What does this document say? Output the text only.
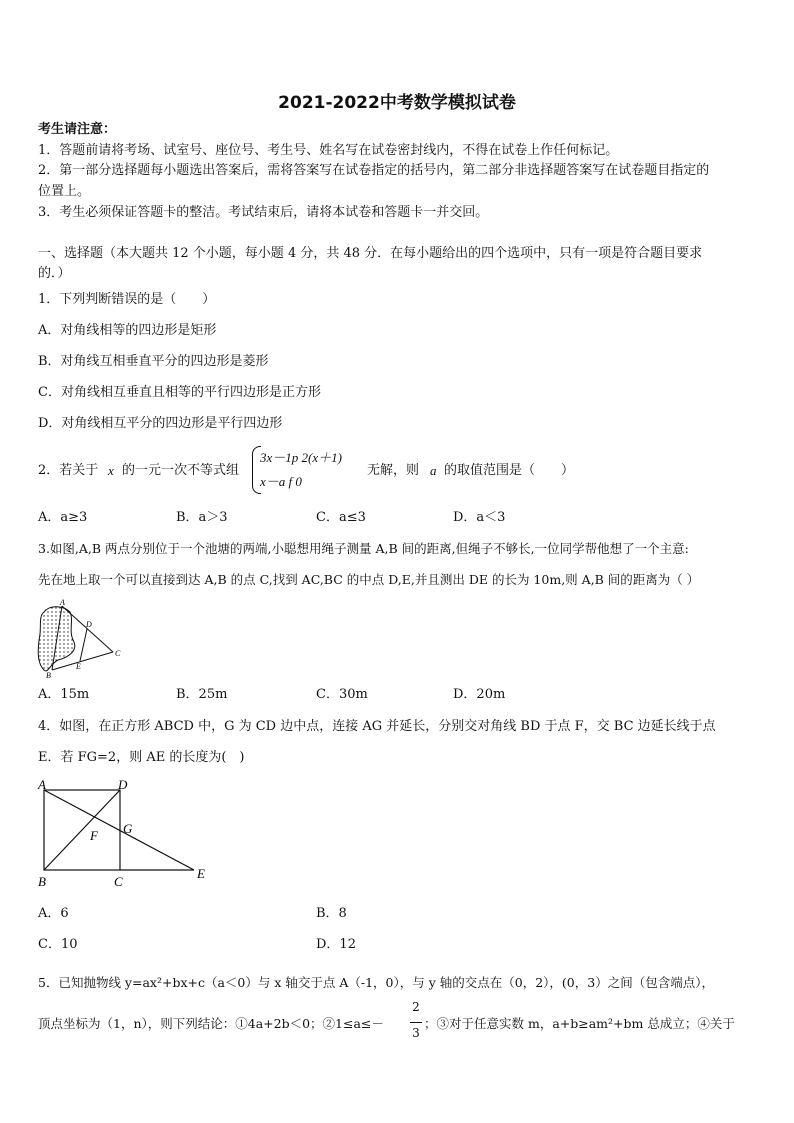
2021-2022中考数学模拟试卷
考生请注意：
1．答题前请将考场、试室号、座位号、考生号、姓名写在试卷密封线内，不得在试卷上作任何标记。
2．第一部分选择题每小题选出答案后，需将答案写在试卷指定的括号内，第二部分非选择题答案写在试卷题目指定的
位置上。
3．考生必须保证答题卡的整洁。考试结束后，请将本试卷和答题卡一并交回。
一、选择题（本大题共 12 个小题，每小题 4 分，共 48 分．在每小题给出的四个选项中，只有一项是符合题目要求
的．）
1．下列判断错误的是（　　）
A．对角线相等的四边形是矩形
B．对角线互相垂直平分的四边形是菱形
C．对角线相互垂直且相等的平行四边形是正方形
D．对角线相互平分的四边形是平行四边形
2．若关于 x 的一元一次不等式组
3x－1p 2(x＋1)
x－a f 0
无解，则 a 的取值范围是（　　）
A．a≥3	B．a＞3	C．a≤3	D．a＜3
3.如图,A,B 两点分别位于一个池塘的两端,小聪想用绳子测量 A,B 间的距离,但绳子不够长,一位同学帮他想了一个主意:
先在地上取一个可以直接到达 A,B 的点 C,找到 AC,BC 的中点 D,E,并且测出 DE 的长为 10m,则 A,B 间的距离为（ ）
A
B
C
D
E
A．15m	B．25m	C．30m	D．20m
4．如图，在正方形 ABCD 中，G 为 CD 边中点，连接 AG 并延长，分别交对角线 BD 于点 F，交 BC 边延长线于点
E．若 FG=2，则 AE 的长度为(　)
A	D
G
F
B	C
E
A．6	B．8
C．10	D．12
5．已知抛物线 y=ax²+bx+c（a＜0）与 x 轴交于点 A（-1，0），与 y 轴的交点在（0，2），(0，3）之间（包含端点），
顶点坐标为（1，n），则下列结论：①4a+2b＜0；②1≤a≤－
2
3
；③对于任意实数 m，a+b≥am²+bm 总成立；④关于
